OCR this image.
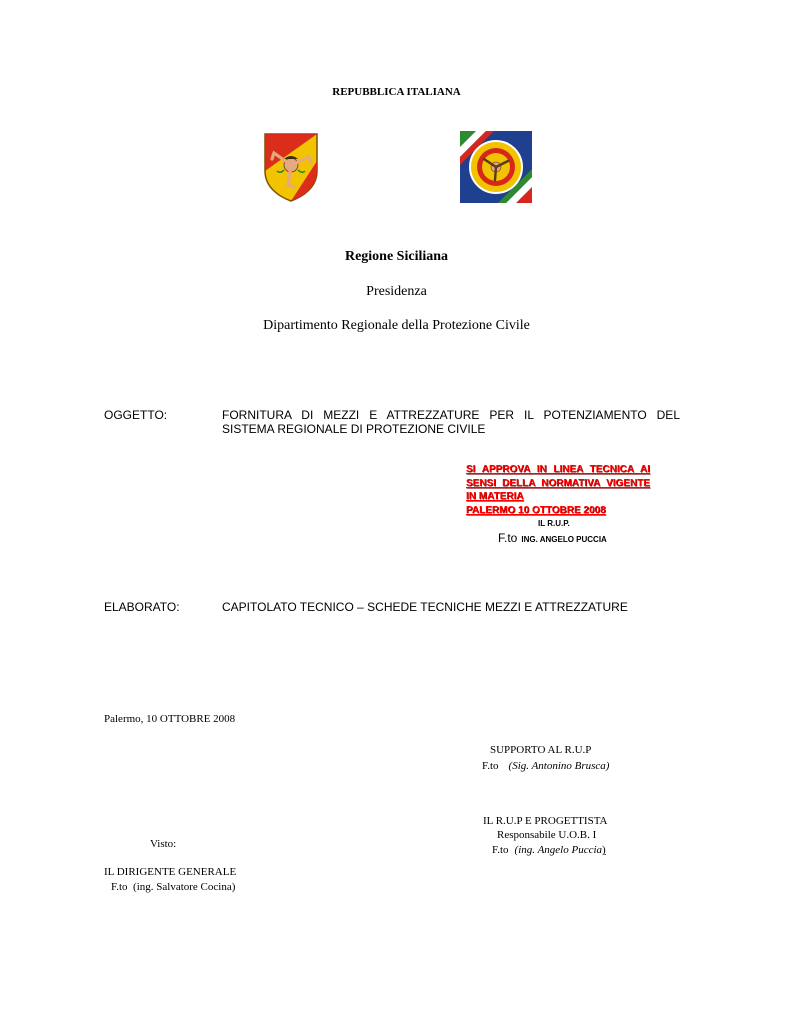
REPUBBLICA ITALIANA
Regione Siciliana
Presidenza
Dipartimento Regionale della Protezione Civile
OGGETTO:	FORNITURA DI MEZZI E ATTREZZATURE PER IL POTENZIAMENTO DEL SISTEMA REGIONALE DI PROTEZIONE CIVILE
SI APPROVA IN LINEA TECNICA AI
SENSI DELLA NORMATIVA VIGENTE
IN MATERIA
PALERMO 10 OTTOBRE 2008
IL R.U.P.
F.to ING. ANGELO PUCCIA
ELABORATO:	CAPITOLATO TECNICO – SCHEDE TECNICHE MEZZI E ATTREZZATURE
Palermo, 10 OTTOBRE 2008
SUPPORTO AL R.U.P
F.to (Sig. Antonino Brusca)
IL R.U.P E PROGETTISTA
Responsabile U.O.B. I
F.to (ing. Angelo Puccia)
Visto:
IL DIRIGENTE GENERALE
F.to  (ing. Salvatore Cocina)
